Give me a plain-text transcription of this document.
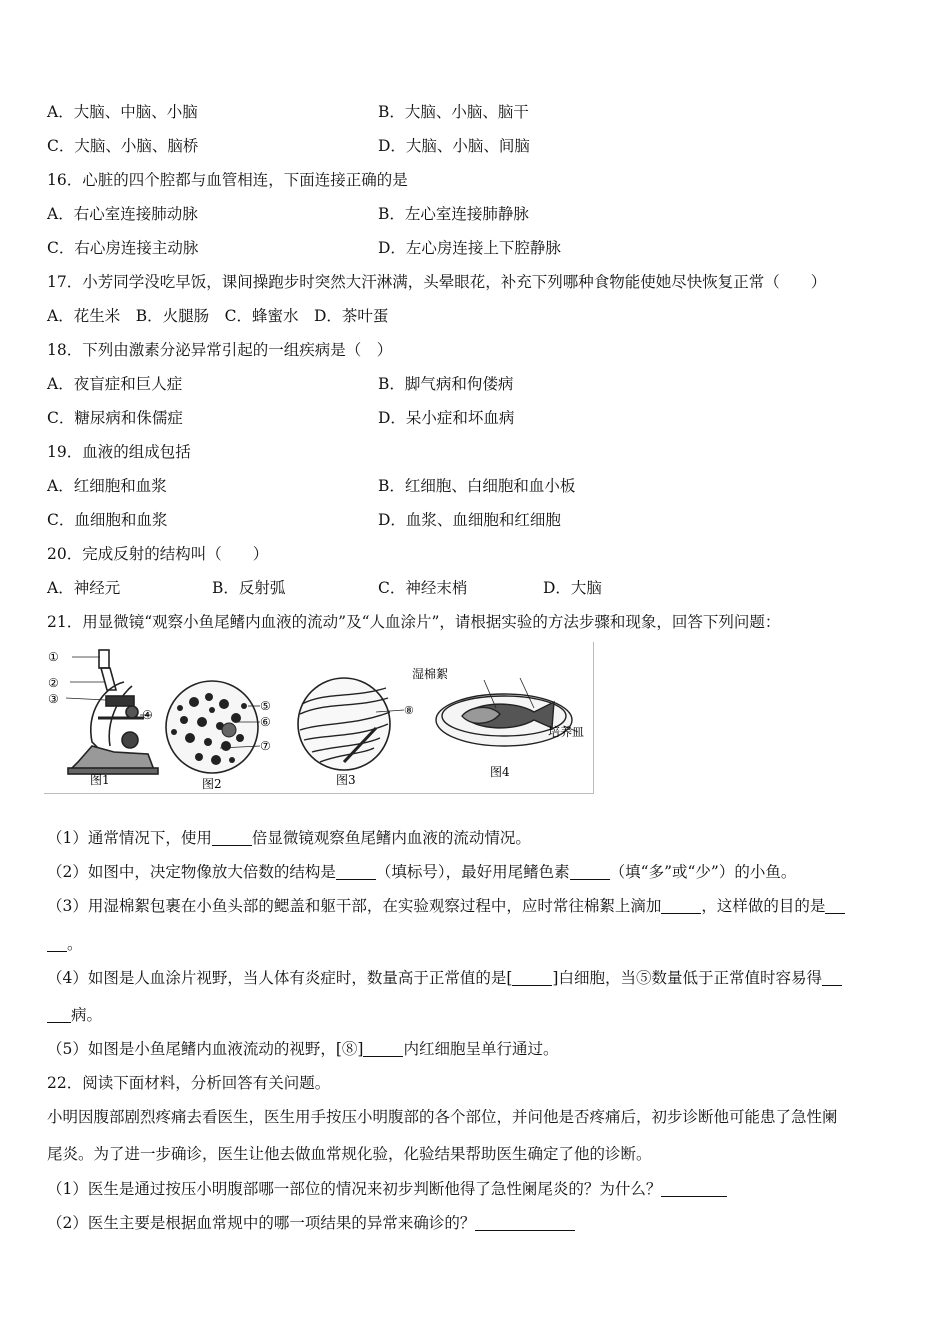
A．大脑、中脑、小脑	B．大脑、小脑、脑干
C．大脑、小脑、脑桥	D．大脑、小脑、间脑
16．心脏的四个腔都与血管相连，下面连接正确的是
A．右心室连接肺动脉	B．左心室连接肺静脉
C．右心房连接主动脉	D．左心房连接上下腔静脉
17．小芳同学没吃早饭，课间操跑步时突然大汗淋满，头晕眼花，补充下列哪种食物能使她尽快恢复正常（　　）
A．花生米　B．火腿肠　C．蜂蜜水　D．茶叶蛋
18．下列由激素分泌异常引起的一组疾病是（　）
A．夜盲症和巨人症	B．脚气病和佝偻病
C．糖尿病和侏儒症	D．呆小症和坏血病
19．血液的组成包括
A．红细胞和血浆	B．红细胞、白细胞和血小板
C．血细胞和血浆	D．血浆、血细胞和红细胞
20．完成反射的结构叫（　　）
A．神经元	B．反射弧	C．神经末梢	D．大脑
21．用显微镜“观察小鱼尾鳍内血液的流动”及“人血涂片”，请根据实验的方法步骤和现象，回答下列问题：
①
②
③
④
⑤
⑥
⑦
⑧
湿棉絮
培养皿
图1	图2	图3
图4
（1）通常情况下，使用	倍显微镜观察鱼尾鳍内血液的流动情况。
（2）如图中，决定物像放大倍数的结构是	（填标号），最好用尾鳍色素	（填“多”或“少”）的小鱼。
（3）用湿棉絮包裹在小鱼头部的鳃盖和躯干部，在实验观察过程中，应时常往棉絮上滴加	，这样做的目的是
。
（4）如图是人血涂片视野，当人体有炎症时，数量高于正常值的是[	]白细胞，当⑤数量低于正常值时容易得
病。
（5）如图是小鱼尾鳍内血液流动的视野，[⑧]	内红细胞呈单行通过。
22．阅读下面材料，分析回答有关问题。
小明因腹部剧烈疼痛去看医生，医生用手按压小明腹部的各个部位，并问他是否疼痛后，初步诊断他可能患了急性阑
尾炎。为了进一步确诊，医生让他去做血常规化验，化验结果帮助医生确定了他的诊断。
（1）医生是通过按压小明腹部哪一部位的情况来初步判断他得了急性阑尾炎的？为什么？
（2）医生主要是根据血常规中的哪一项结果的异常来确诊的？
